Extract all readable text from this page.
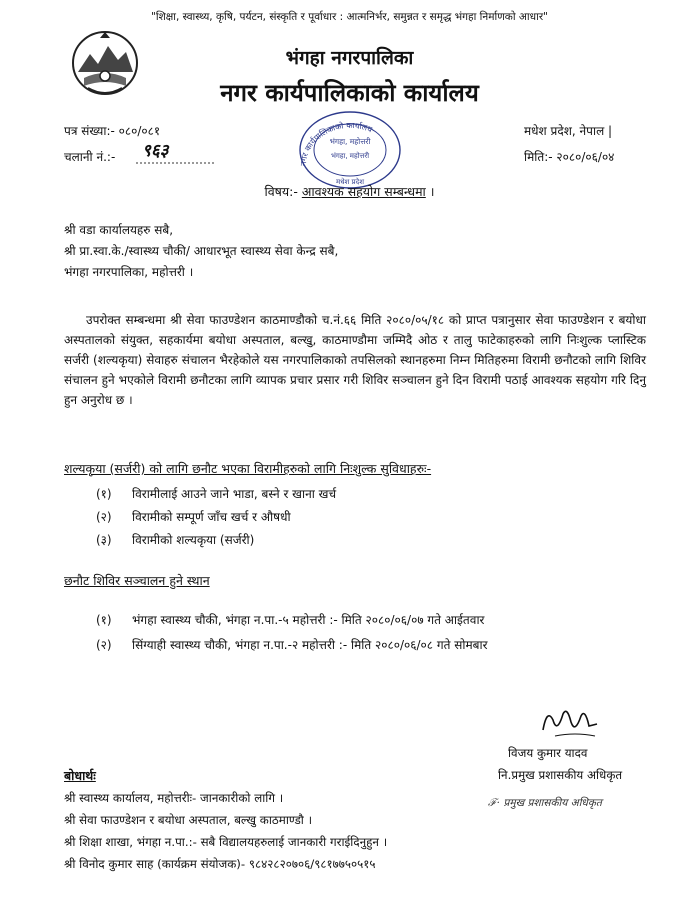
"शिक्षा, स्वास्थ्य, कृषि, पर्यटन, संस्कृति र पूर्वाधार : आत्मनिर्भर, समुन्नत र समृद्ध भंगहा निर्माणको आधार"
भंगहा नगरपालिका
नगर कार्यपालिकाको कार्यालय
पत्र संख्या:- ०८०/०८१
चलानी नं.:- ९६३
मधेश प्रदेश, नेपाल |
मिति:- २०८०/०६/०४
नगर कार्यपालिकाको कार्यालय
भंगहा, महोत्तरी
भंगहा, महोत्तरी
मधेश प्रदेश
विषय:- आवश्यक सहयोग सम्बन्धमा ।
श्री वडा कार्यालयहरु सबै,
श्री प्रा.स्वा.के./स्वास्थ्य चौकी/ आधारभूत स्वास्थ्य सेवा केन्द्र सबै,
भंगहा नगरपालिका, महोत्तरी ।
उपरोक्त सम्बन्धमा श्री सेवा फाउण्डेशन काठमाण्डौको च.नं.६६ मिति २०८०/०५/१८ को प्राप्त पत्रानुसार सेवा फाउण्डेशन र बयोधा अस्पतालको संयुक्त, सहकार्यमा बयोधा अस्पताल, बल्खु, काठमाण्डौमा जम्मिदै ओठ र तालु फाटेकाहरुको लागि निःशुल्क प्लास्टिक सर्जरी (शल्यकृया) सेवाहरु संचालन भैरहेकोले यस नगरपालिकाको तपसिलको स्थानहरुमा निम्न मितिहरुमा विरामी छनौटको लागि शिविर संचालन हुने भएकोले विरामी छनौटका लागि व्यापक प्रचार प्रसार गरी शिविर सञ्चालन हुने दिन विरामी पठाई आवश्यक सहयोग गरि दिनु हुन अनुरोध छ ।
शल्यकृया (सर्जरी) को लागि छनौट भएका विरामीहरुको लागि निःशुल्क सुविधाहरुः-
(१) विरामीलाई आउने जाने भाडा, बस्ने र खाना खर्च
(२) विरामीको सम्पूर्ण जाँच खर्च र औषधी
(३) विरामीको शल्यकृया (सर्जरी)
छनौट शिविर सञ्चालन हुने स्थान
(१) भंगहा स्वास्थ्य चौकी, भंगहा न.पा.-५ महोत्तरी :- मिति २०८०/०६/०७ गते आईतवार
(२) सिंग्याही स्वास्थ्य चौकी, भंगहा न.पा.-२ महोत्तरी :- मिति २०८०/०६/०८ गते सोमबार
विजय कुमार यादव
नि.प्रमुख प्रशासकीय अधिकृत
ℱ· प्रमुख प्रशासकीय अधिकृत
बोधार्थः
श्री स्वास्थ्य कार्यालय, महोत्तरीः- जानकारीको लागि ।
श्री सेवा फाउण्डेशन र बयोधा अस्पताल, बल्खु काठमाण्डौ ।
श्री शिक्षा शाखा, भंगहा न.पा.:- सबै विद्यालयहरुलाई जानकारी गराईदिनुहुन ।
श्री विनोद कुमार साह (कार्यक्रम संयोजक)- ९८४२८२०७०६/९८१७७५०५१५
